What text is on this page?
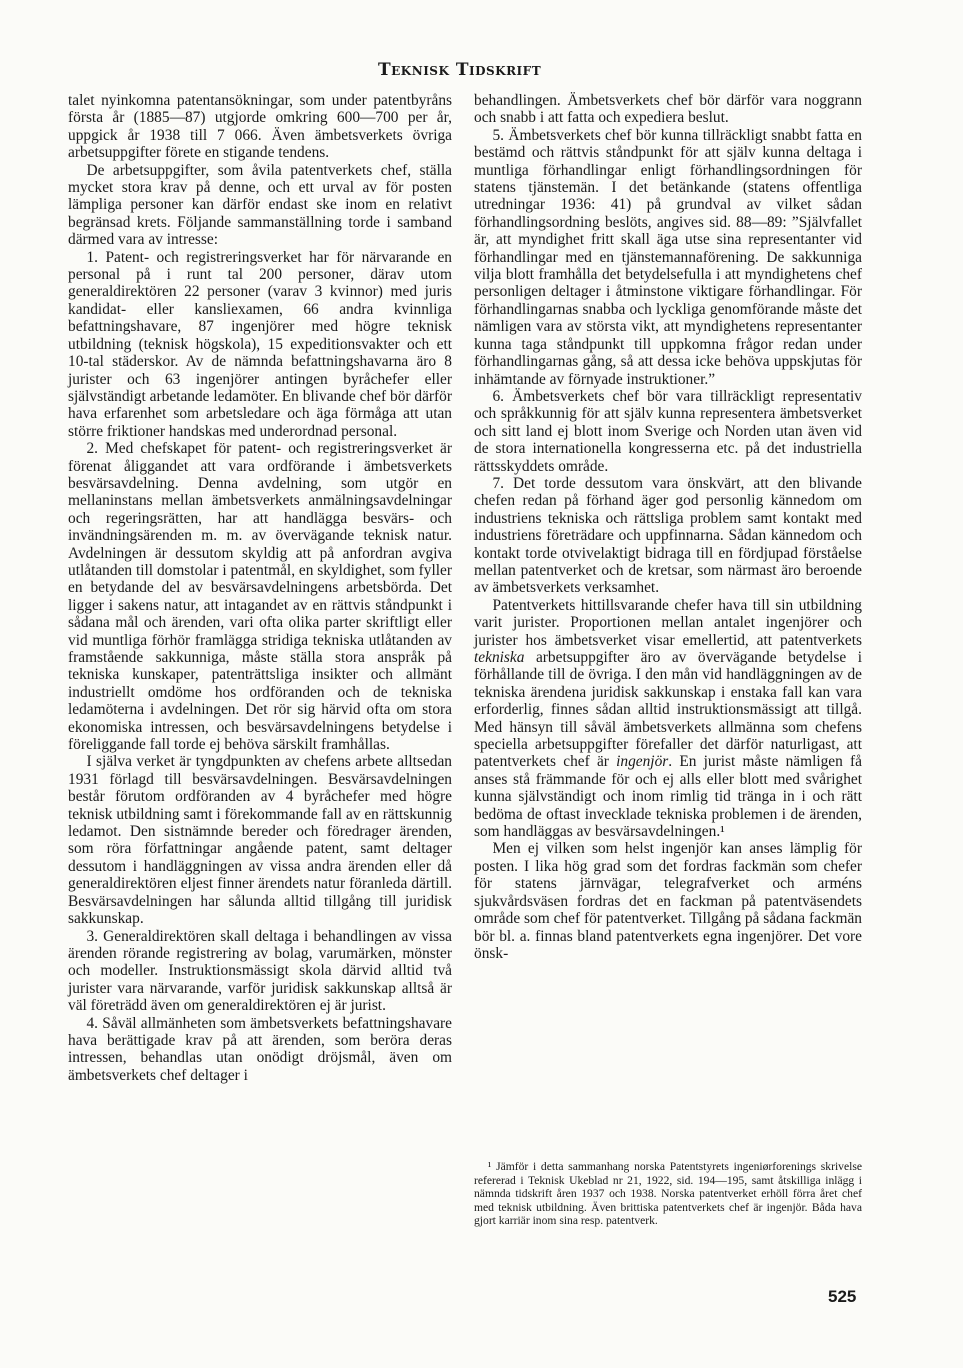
Teknisk Tidskrift

talet nyinkomna patentansökningar, som under patentbyråns första år (1885—87) utgjorde omkring 600—700 per år, uppgick år 1938 till 7 066. Även ämbetsverkets övriga arbetsuppgifter förete en stigande tendens.

De arbetsuppgifter, som åvila patentverkets chef, ställa mycket stora krav på denne, och ett urval av för posten lämpliga personer kan därför endast ske inom en relativt begränsad krets. Följande sammanställning torde i samband därmed vara av intresse:

1. Patent- och registreringsverket har för närvarande en personal på i runt tal 200 personer, därav utom generaldirektören 22 personer (varav 3 kvinnor) med juris kandidat- eller kansliexamen, 66 andra kvinnliga befattningshavare, 87 ingenjörer med högre teknisk utbildning (teknisk högskola), 15 expeditionsvakter och ett 10-tal städerskor. Av de nämnda befattningshavarna äro 8 jurister och 63 ingenjörer antingen byråchefer eller självständigt arbetande ledamöter. En blivande chef bör därför hava erfarenhet som arbetsledare och äga förmåga att utan större friktioner handskas med underordnad personal.

2. Med chefskapet för patent- och registreringsverket är förenat åliggandet att vara ordförande i ämbetsverkets besvärsavdelning. Denna avdelning, som utgör en mellaninstans mellan ämbetsverkets anmälningsavdelningar och regeringsrätten, har att handlägga besvärs- och invändningsärenden m. m. av övervägande teknisk natur. Avdelningen är dessutom skyldig att på anfordran avgiva utlåtanden till domstolar i patentmål, en skyldighet, som fyller en betydande del av besvärsavdelningens arbetsbörda. Det ligger i sakens natur, att intagandet av en rättvis ståndpunkt i sådana mål och ärenden, vari ofta olika parter skriftligt eller vid muntliga förhör framlägga stridiga tekniska utlåtanden av framstående sakkunniga, måste ställa stora anspråk på tekniska kunskaper, patenträttsliga insikter och allmänt industriellt omdöme hos ordföranden och de tekniska ledamöterna i avdelningen. Det rör sig härvid ofta om stora ekonomiska intressen, och besvärsavdelningens betydelse i föreliggande fall torde ej behöva särskilt framhållas.

I själva verket är tyngdpunkten av chefens arbete alltsedan 1931 förlagd till besvärsavdelningen. Besvärsavdelningen består förutom ordföranden av 4 byråchefer med högre teknisk utbildning samt i förekommande fall av en rättskunnig ledamot. Den sistnämnde bereder och föredrager ärenden, som röra författningar angående patent, samt deltager dessutom i handläggningen av vissa andra ärenden eller då generaldirektören eljest finner ärendets natur föranleda därtill. Besvärsavdelningen har sålunda alltid tillgång till juridisk sakkunskap.

3. Generaldirektören skall deltaga i behandlingen av vissa ärenden rörande registrering av bolag, varumärken, mönster och modeller. Instruktionsmässigt skola därvid alltid två jurister vara närvarande, varför juridisk sakkunskap alltså är väl företrädd även om generaldirektören ej är jurist.

4. Såväl allmänheten som ämbetsverkets befattningshavare hava berättigade krav på att ärenden, som beröra deras intressen, behandlas utan onödigt dröjsmål, även om ämbetsverkets chef deltager i

behandlingen. Ämbetsverkets chef bör därför vara noggrann och snabb i att fatta och expediera beslut.

5. Ämbetsverkets chef bör kunna tillräckligt snabbt fatta en bestämd och rättvis ståndpunkt för att själv kunna deltaga i muntliga förhandlingar enligt förhandlingsordningen för statens tjänstemän. I det betänkande (statens offentliga utredningar 1936: 41) på grundval av vilket sådan förhandlingsordning beslöts, angives sid. 88—89: ”Självfallet är, att myndighet fritt skall äga utse sina representanter vid förhandlingar med en tjänstemannaförening. De sakkunniga vilja blott framhålla det betydelsefulla i att myndighetens chef personligen deltager i åtminstone viktigare förhandlingar. För förhandlingarnas snabba och lyckliga genomförande måste det nämligen vara av största vikt, att myndighetens representanter kunna taga ståndpunkt till uppkomna frågor redan under förhandlingarnas gång, så att dessa icke behöva uppskjutas för inhämtande av förnyade instruktioner.”

6. Ämbetsverkets chef bör vara tillräckligt representativ och språkkunnig för att själv kunna representera ämbetsverket och sitt land ej blott inom Sverige och Norden utan även vid de stora internationella kongresserna etc. på det industriella rättsskyddets område.

7. Det torde dessutom vara önskvärt, att den blivande chefen redan på förhand äger god personlig kännedom om industriens tekniska och rättsliga problem samt kontakt med industriens företrädare och uppfinnarna. Sådan kännedom och kontakt torde otvivelaktigt bidraga till en fördjupad förståelse mellan patentverket och de kretsar, som närmast äro beroende av ämbetsverkets verksamhet.

Patentverkets hittillsvarande chefer hava till sin utbildning varit jurister. Proportionen mellan antalet ingenjörer och jurister hos ämbetsverket visar emellertid, att patentverkets tekniska arbetsuppgifter äro av övervägande betydelse i förhållande till de övriga. I den mån vid handläggningen av de tekniska ärendena juridisk sakkunskap i enstaka fall kan vara erforderlig, finnes sådan alltid instruktionsmässigt att tillgå. Med hänsyn till såväl ämbetsverkets allmänna som chefens speciella arbetsuppgifter förefaller det därför naturligast, att patentverkets chef är ingenjör. En jurist måste nämligen få anses stå främmande för och ej alls eller blott med svårighet kunna självständigt och inom rimlig tid tränga in i och rätt bedöma de oftast invecklade tekniska problemen i de ärenden, som handläggas av besvärsavdelningen.¹

Men ej vilken som helst ingenjör kan anses lämplig för posten. I lika hög grad som det fordras fackmän som chefer för statens järnvägar, telegrafverket och arméns sjukvårdsväsen fordras det en fackman på patentväsendets område som chef för patentverket. Tillgång på sådana fackmän bör bl. a. finnas bland patentverkets egna ingenjörer. Det vore önsk-

¹ Jämför i detta sammanhang norska Patentstyrets ingeniørforenings skrivelse refererad i Teknisk Ukeblad nr 21, 1922, sid. 194—195, samt åtskilliga inlägg i nämnda tidskrift åren 1937 och 1938. Norska patentverket erhöll förra året chef med teknisk utbildning. Även brittiska patentverkets chef är ingenjör. Båda hava gjort karriär inom sina resp. patentverk.
525
